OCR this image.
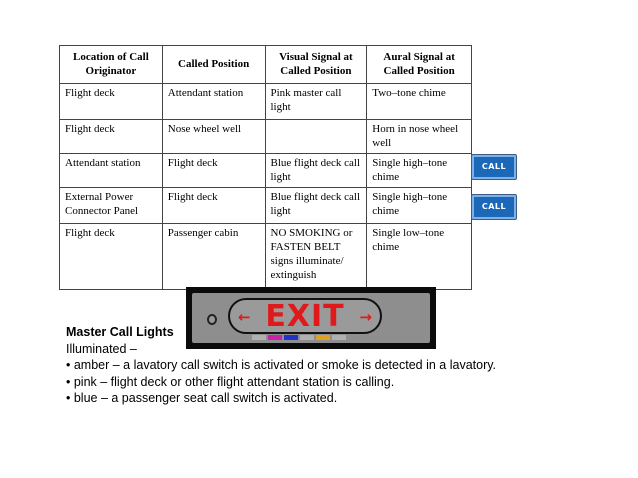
Location of Call Originator	Called Position	Visual Signal at Called Position	Aural Signal at Called Position
Flight deck	Attendant station	Pink master call light	Two–tone chime
Flight deck	Nose wheel well		Horn in nose wheel well
Attendant station	Flight deck	Blue flight deck call light	Single high–tone chime
External Power Connector Panel	Flight deck	Blue flight deck call light	Single high–tone chime
Flight deck	Passenger cabin	NO SMOKING or FASTEN BELT signs illuminate/ extinguish	Single low–tone chime
CALL
CALL
← EXIT →
Master Call Lights
Illuminated –
• amber – a lavatory call switch is activated or smoke is detected in a lavatory.
• pink – flight deck or other flight attendant station is calling.
• blue – a passenger seat call switch is activated.
